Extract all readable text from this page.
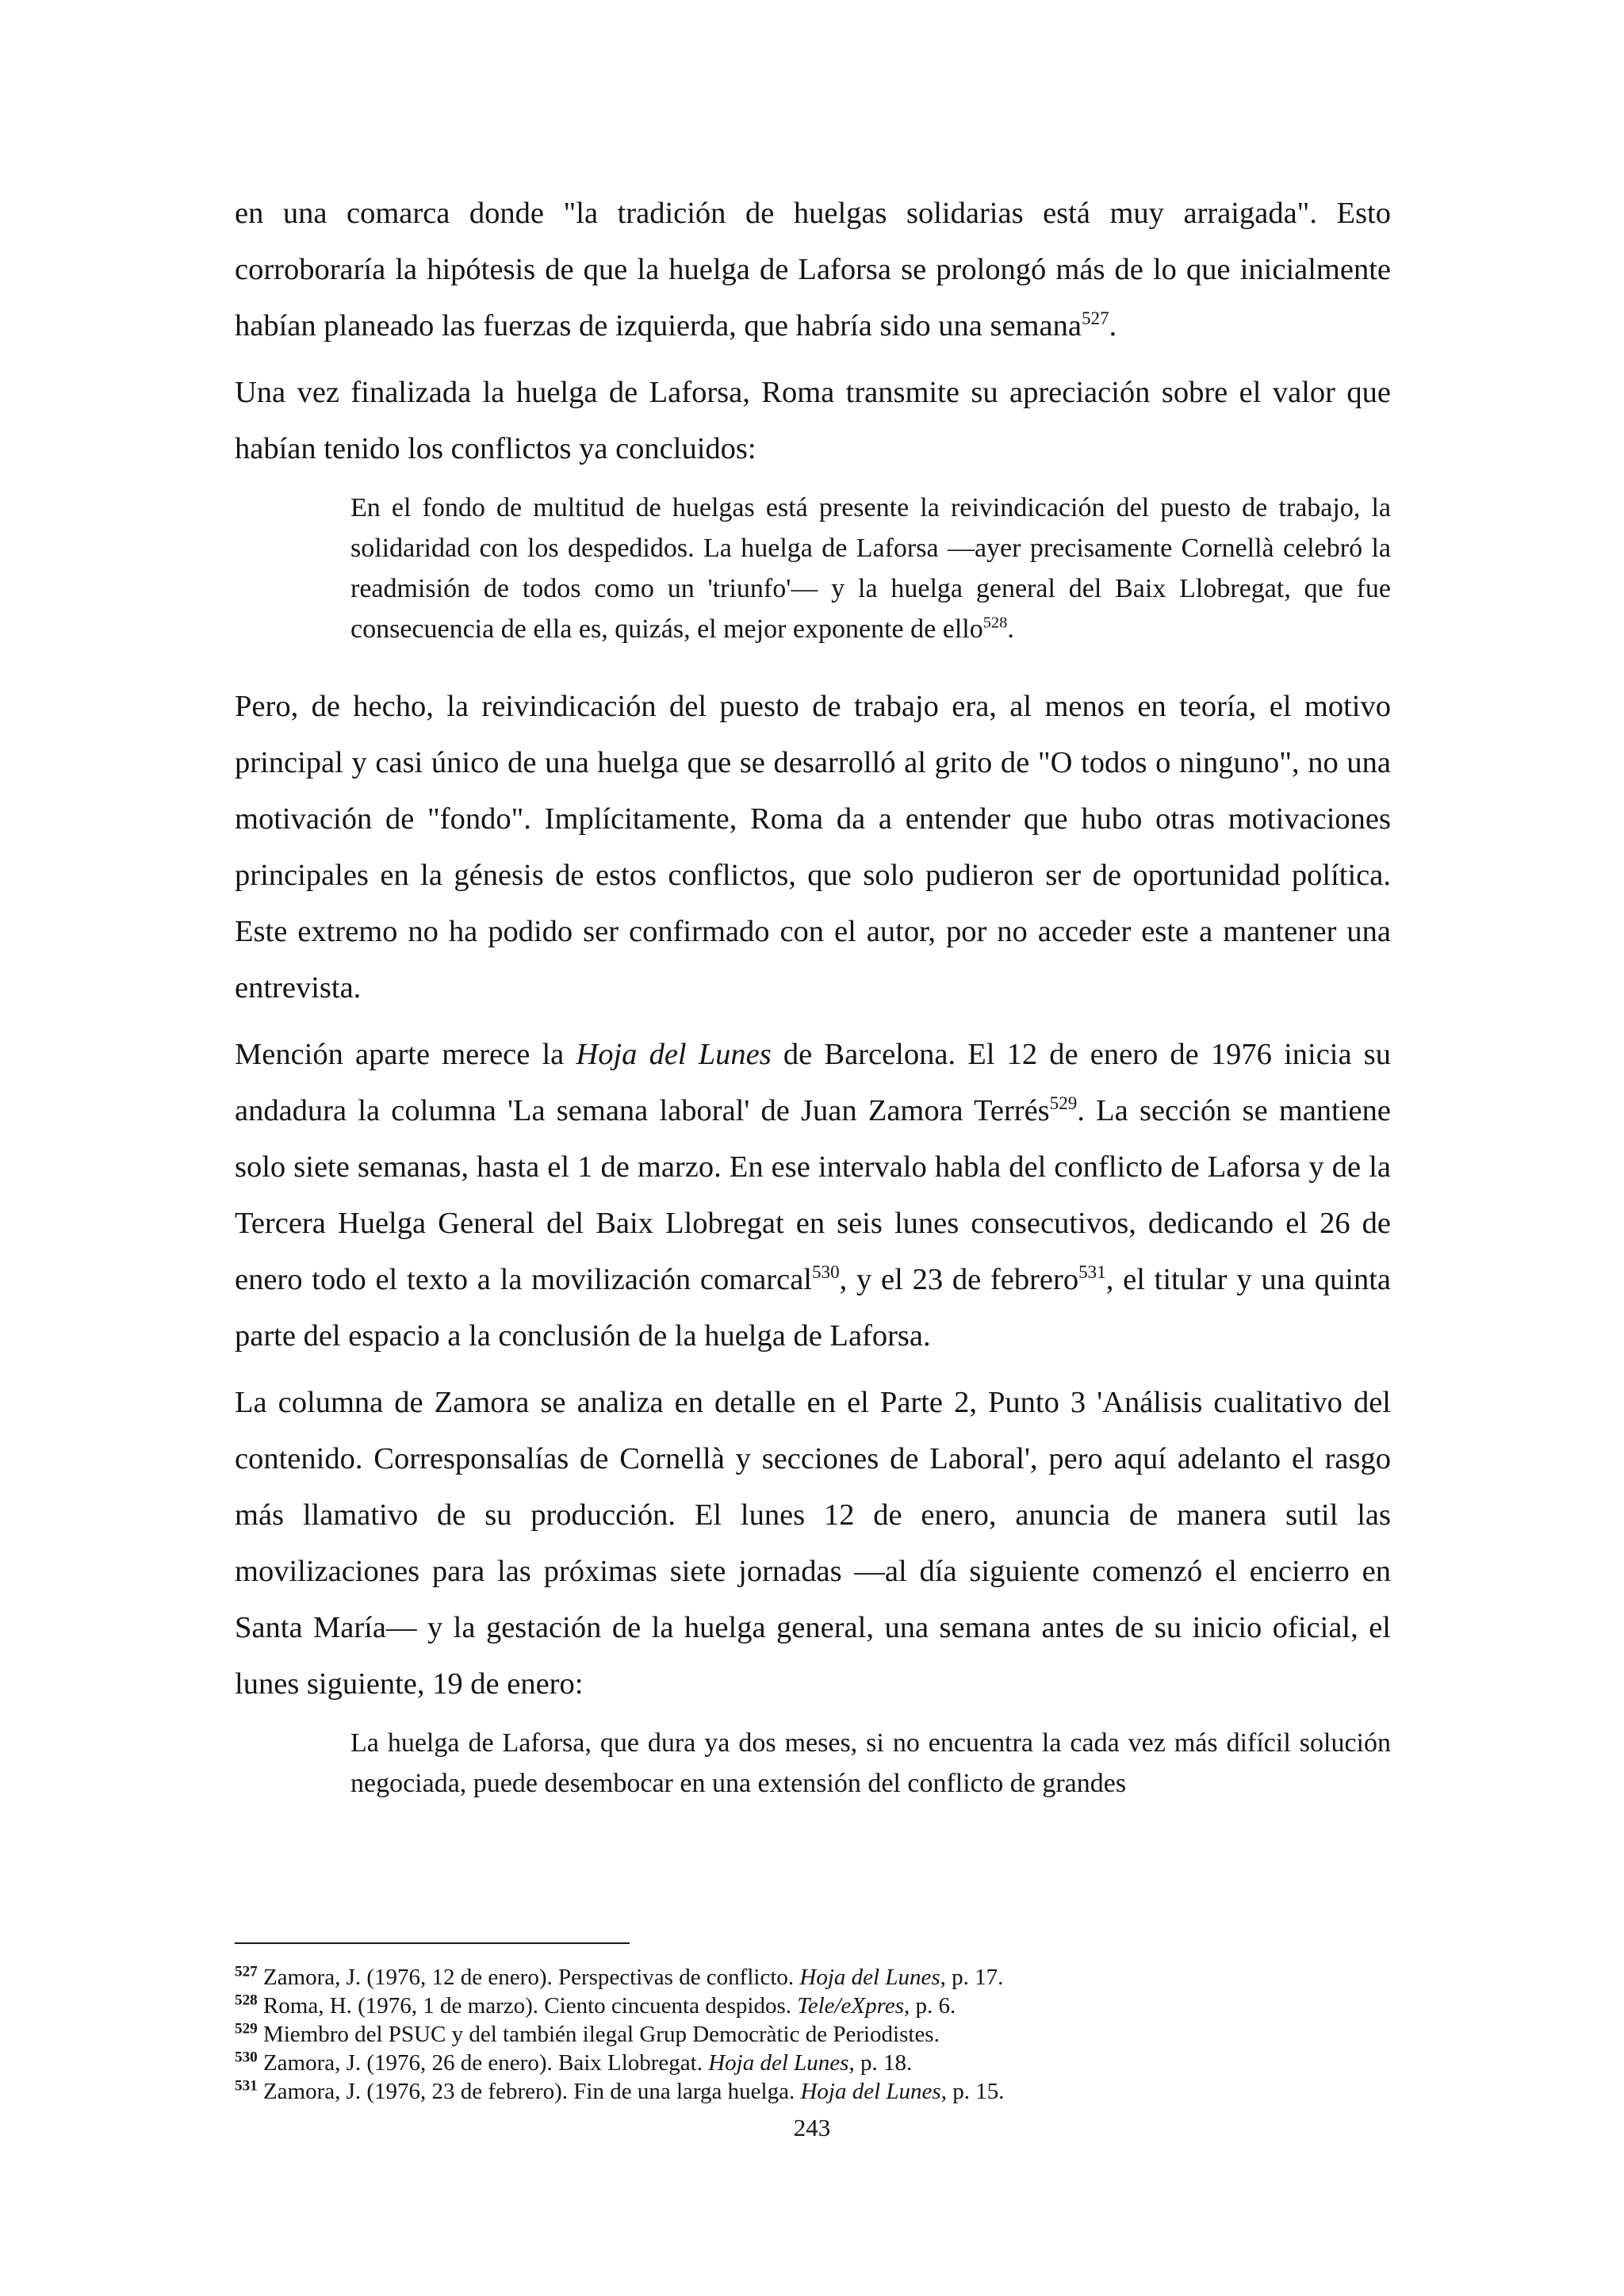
en una comarca donde "la tradición de huelgas solidarias está muy arraigada". Esto corroboraría la hipótesis de que la huelga de Laforsa se prolongó más de lo que inicialmente habían planeado las fuerzas de izquierda, que habría sido una semana$^{527}$.

Una vez finalizada la huelga de Laforsa, Roma transmite su apreciación sobre el valor que habían tenido los conflictos ya concluidos:

En el fondo de multitud de huelgas está presente la reivindicación del puesto de trabajo, la solidaridad con los despedidos. La huelga de Laforsa —ayer precisamente Cornellà celebró la readmisión de todos como un 'triunfo'— y la huelga general del Baix Llobregat, que fue consecuencia de ella es, quizás, el mejor exponente de ello$^{528}$.

Pero, de hecho, la reivindicación del puesto de trabajo era, al menos en teoría, el motivo principal y casi único de una huelga que se desarrolló al grito de "O todos o ninguno", no una motivación de "fondo". Implícitamente, Roma da a entender que hubo otras motivaciones principales en la génesis de estos conflictos, que solo pudieron ser de oportunidad política. Este extremo no ha podido ser confirmado con el autor, por no acceder este a mantener una entrevista.

Mención aparte merece la Hoja del Lunes de Barcelona. El 12 de enero de 1976 inicia su andadura la columna 'La semana laboral' de Juan Zamora Terrés$^{529}$. La sección se mantiene solo siete semanas, hasta el 1 de marzo. En ese intervalo habla del conflicto de Laforsa y de la Tercera Huelga General del Baix Llobregat en seis lunes consecutivos, dedicando el 26 de enero todo el texto a la movilización comarcal$^{530}$, y el 23 de febrero$^{531}$, el titular y una quinta parte del espacio a la conclusión de la huelga de Laforsa.

La columna de Zamora se analiza en detalle en el Parte 2, Punto 3 'Análisis cualitativo del contenido. Corresponsalías de Cornellà y secciones de Laboral', pero aquí adelanto el rasgo más llamativo de su producción. El lunes 12 de enero, anuncia de manera sutil las movilizaciones para las próximas siete jornadas —al día siguiente comenzó el encierro en Santa María— y la gestación de la huelga general, una semana antes de su inicio oficial, el lunes siguiente, 19 de enero:

La huelga de Laforsa, que dura ya dos meses, si no encuentra la cada vez más difícil solución negociada, puede desembocar en una extensión del conflicto de grandes
$^{527}$ Zamora, J. (1976, 12 de enero). Perspectivas de conflicto. Hoja del Lunes, p. 17.
$^{528}$ Roma, H. (1976, 1 de marzo). Ciento cincuenta despidos. Tele/eXpres, p. 6.
$^{529}$ Miembro del PSUC y del también ilegal Grup Democràtic de Periodistes.
$^{530}$ Zamora, J. (1976, 26 de enero). Baix Llobregat. Hoja del Lunes, p. 18.
$^{531}$ Zamora, J. (1976, 23 de febrero). Fin de una larga huelga. Hoja del Lunes, p. 15.
243
